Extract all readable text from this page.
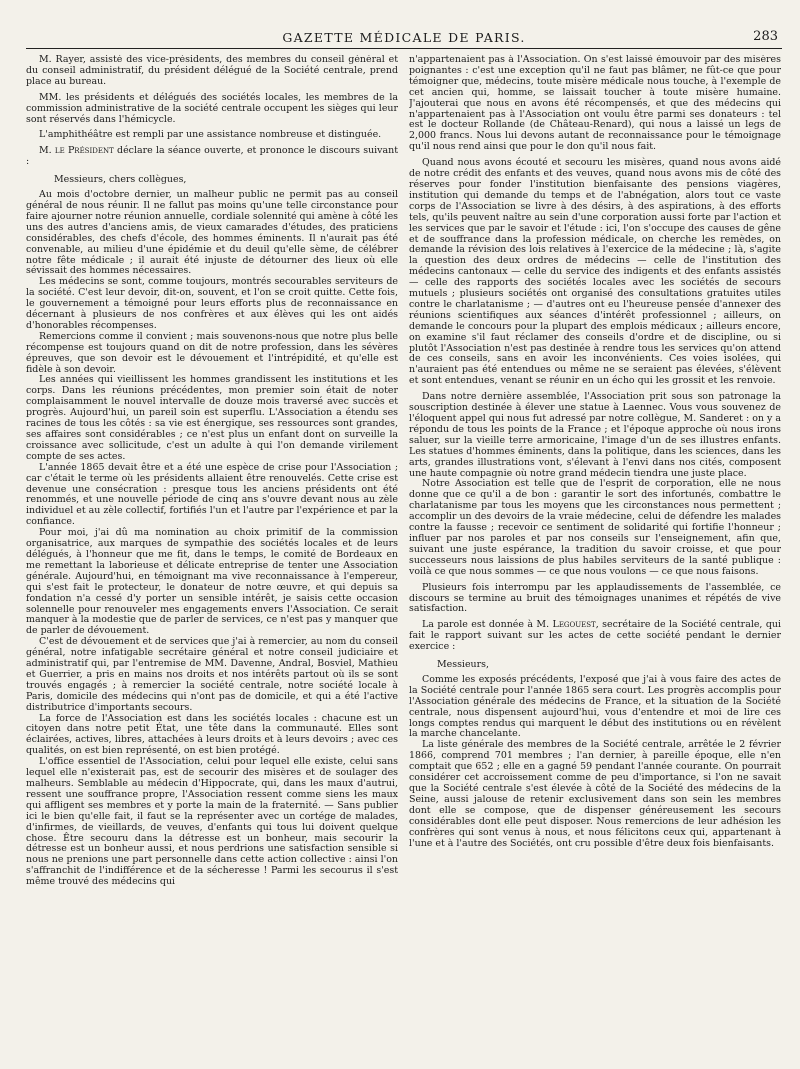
GAZETTE MÉDICALE DE PARIS.	283

M. Rayer, assisté des vice-présidents, des membres du conseil général et du conseil administratif, du président délégué de la Société centrale, prend place au bureau.

MM. les présidents et délégués des sociétés locales, les membres de la commission administrative de la société centrale occupent les sièges qui leur sont réservés dans l'hémicycle.

L'amphithéâtre est rempli par une assistance nombreuse et distinguée.

M. le Président déclare la séance ouverte, et prononce le discours suivant :

Messieurs, chers collègues,

Au mois d'octobre dernier, un malheur public ne permit pas au conseil général de nous réunir. Il ne fallut pas moins qu'une telle circonstance pour faire ajourner notre réunion annuelle, cordiale solennité qui amène à côté les uns des autres d'anciens amis, de vieux camarades d'études, des praticiens considérables, des chefs d'école, des hommes éminents. Il n'aurait pas été convenable, au milieu d'une épidémie et du deuil qu'elle sème, de célébrer notre fête médicale ; il aurait été injuste de détourner des lieux où elle sévissait des hommes nécessaires.

Les médecins se sont, comme toujours, montrés secourables serviteurs de la société. C'est leur devoir, dit-on, souvent, et l'on se croit quitte. Cette fois, le gouvernement a témoigné pour leurs efforts plus de reconnaissance en décernant à plusieurs de nos confrères et aux élèves qui les ont aidés d'honorables récompenses.

Remercions comme il convient ; mais souvenons-nous que notre plus belle récompense est toujours quand on dit de notre profession, dans les sévères épreuves, que son devoir est le dévouement et l'intrépidité, et qu'elle est fidèle à son devoir.

Les années qui vieillissent les hommes grandissent les institutions et les corps. Dans les réunions précédentes, mon premier soin était de noter complaisamment le nouvel intervalle de douze mois traversé avec succès et progrès. Aujourd'hui, un pareil soin est superflu. L'Association a étendu ses racines de tous les côtés : sa vie est énergique, ses ressources sont grandes, ses affaires sont considérables ; ce n'est plus un enfant dont on surveille la croissance avec sollicitude, c'est un adulte à qui l'on demande virilement compte de ses actes.

L'année 1865 devait être et a été une espèce de crise pour l'Association ; car c'était le terme où les présidents allaient être renouvelés. Cette crise est devenue une consécration : presque tous les anciens présidents ont été renommés, et une nouvelle période de cinq ans s'ouvre devant nous au zèle individuel et au zèle collectif, fortifiés l'un et l'autre par l'expérience et par la confiance.

Pour moi, j'ai dû ma nomination au choix primitif de la commission organisatrice, aux marques de sympathie des sociétés locales et de leurs délégués, à l'honneur que me fit, dans le temps, le comité de Bordeaux en me remettant la laborieuse et délicate entreprise de tenter une Association générale. Aujourd'hui, en témoignant ma vive reconnaissance à l'empereur, qui s'est fait le protecteur, le donateur de notre œuvre, et qui depuis sa fondation n'a cessé d'y porter un sensible intérêt, je saisis cette occasion solennelle pour renouveler mes engagements envers l'Association. Ce serait manquer à la modestie que de parler de services, ce n'est pas y manquer que de parler de dévouement.

C'est de dévouement et de services que j'ai à remercier, au nom du conseil général, notre infatigable secrétaire général et notre conseil judiciaire et administratif qui, par l'entremise de MM. Davenne, Andral, Bosviel, Mathieu et Guerrier, a pris en mains nos droits et nos intérêts partout où ils se sont trouvés engagés ; à remercier la société centrale, notre société locale à Paris, domicile des médecins qui n'ont pas de domicile, et qui a été l'active distributrice d'importants secours.

La force de l'Association est dans les sociétés locales : chacune est un citoyen dans notre petit État, une tête dans la communauté. Elles sont éclairées, actives, libres, attachées à leurs droits et à leurs devoirs ; avec ces qualités, on est bien représenté, on est bien protégé.

L'office essentiel de l'Association, celui pour lequel elle existe, celui sans lequel elle n'existerait pas, est de secourir des misères et de soulager des malheurs. Semblable au médecin d'Hippocrate, qui, dans les maux d'autrui, ressent une souffrance propre, l'Association ressent comme siens les maux qui affligent ses membres et y porte la main de la fraternité. — Sans publier ici le bien qu'elle fait, il faut se la représenter avec un cortége de malades, d'infirmes, de vieillards, de veuves, d'enfants qui tous lui doivent quelque chose. Être secouru dans la détresse est un bonheur, mais secourir la détresse est un bonheur aussi, et nous perdrions une satisfaction sensible si nous ne prenions une part personnelle dans cette action collective : ainsi l'on s'affranchit de l'indifférence et de la sécheresse ! Parmi les secourus il s'est même trouvé des médecins qui

n'appartenaient pas à l'Association. On s'est laissé émouvoir par des misères poignantes : c'est une exception qu'il ne faut pas blâmer, ne fût-ce que pour témoigner que, médecins, toute misère médicale nous touche, à l'exemple de cet ancien qui, homme, se laissait toucher à toute misère humaine. J'ajouterai que nous en avons été récompensés, et que des médecins qui n'appartenaient pas à l'Association ont voulu être parmi ses donateurs : tel est le docteur Rollande (de Château-Renard), qui nous a laissé un legs de 2,000 francs. Nous lui devons autant de reconnaissance pour le témoignage qu'il nous rend ainsi que pour le don qu'il nous fait.

Quand nous avons écouté et secouru les misères, quand nous avons aidé de notre crédit des enfants et des veuves, quand nous avons mis de côté des réserves pour fonder l'institution bienfaisante des pensions viagères, institution qui demande du temps et de l'abnégation, alors tout ce vaste corps de l'Association se livre à des désirs, à des aspirations, à des efforts tels, qu'ils peuvent naître au sein d'une corporation aussi forte par l'action et les services que par le savoir et l'étude : ici, l'on s'occupe des causes de gêne et de souffrance dans la profession médicale, on cherche les remèdes, on demande la révision des lois relatives à l'exercice de la médecine ; là, s'agite la question des deux ordres de médecins — celle de l'institution des médecins cantonaux — celle du service des indigents et des enfants assistés — celle des rapports des sociétés locales avec les sociétés de secours mutuels ; plusieurs sociétés ont organisé des consultations gratuites utiles contre le charlatanisme ; — d'autres ont eu l'heureuse pensée d'annexer des réunions scientifiques aux séances d'intérêt professionnel ; ailleurs, on demande le concours pour la plupart des emplois médicaux ; ailleurs encore, on examine s'il faut réclamer des conseils d'ordre et de discipline, ou si plutôt l'Association n'est pas destinée à rendre tous les services qu'on attend de ces conseils, sans en avoir les inconvénients. Ces voies isolées, qui n'auraient pas été entendues ou même ne se seraient pas élevées, s'élèvent et sont entendues, venant se réunir en un écho qui les grossit et les renvoie.

Dans notre dernière assemblée, l'Association prit sous son patronage la souscription destinée à élever une statue à Laennec. Vous vous souvenez de l'éloquent appel qui nous fut adressé par notre collègue, M. Sanderet : on y a répondu de tous les points de la France ; et l'époque approche où nous irons saluer, sur la vieille terre armoricaine, l'image d'un de ses illustres enfants. Les statues d'hommes éminents, dans la politique, dans les sciences, dans les arts, grandes illustrations vont, s'élevant à l'envi dans nos cités, composent une haute compagnie où notre grand médecin tiendra une juste place.

Notre Association est telle que de l'esprit de corporation, elle ne nous donne que ce qu'il a de bon : garantir le sort des infortunés, combattre le charlatanisme par tous les moyens que les circonstances nous permettent ; accomplir un des devoirs de la vraie médecine, celui de défendre les malades contre la fausse ; recevoir ce sentiment de solidarité qui fortifie l'honneur ; influer par nos paroles et par nos conseils sur l'enseignement, afin que, suivant une juste espérance, la tradition du savoir croisse, et que pour successeurs nous laissions de plus habiles serviteurs de la santé publique : voilà ce que nous sommes — ce que nous voulons — ce que nous faisons.

Plusieurs fois interrompu par les applaudissements de l'assemblée, ce discours se termine au bruit des témoignages unanimes et répétés de vive satisfaction.

La parole est donnée à M. Legouest, secrétaire de la Société centrale, qui fait le rapport suivant sur les actes de cette société pendant le dernier exercice :

Messieurs,

Comme les exposés précédents, l'exposé que j'ai à vous faire des actes de la Société centrale pour l'année 1865 sera court. Les progrès accomplis pour l'Association générale des médecins de France, et la situation de la Société centrale, nous dispensent aujourd'hui, vous d'entendre et moi de lire ces longs comptes rendus qui marquent le début des institutions ou en révèlent la marche chancelante.

La liste générale des membres de la Société centrale, arrêtée le 2 février 1866, comprend 701 membres ; l'an dernier, à pareille époque, elle n'en comptait que 652 ; elle en a gagné 59 pendant l'année courante. On pourrait considérer cet accroissement comme de peu d'importance, si l'on ne savait que la Société centrale s'est élevée à côté de la Société des médecins de la Seine, aussi jalouse de retenir exclusivement dans son sein les membres dont elle se compose, que de dispenser généreusement les secours considérables dont elle peut disposer. Nous remercions de leur adhésion les confrères qui sont venus à nous, et nous félicitons ceux qui, appartenant à l'une et à l'autre des Sociétés, ont cru possible d'être deux fois bienfaisants.
